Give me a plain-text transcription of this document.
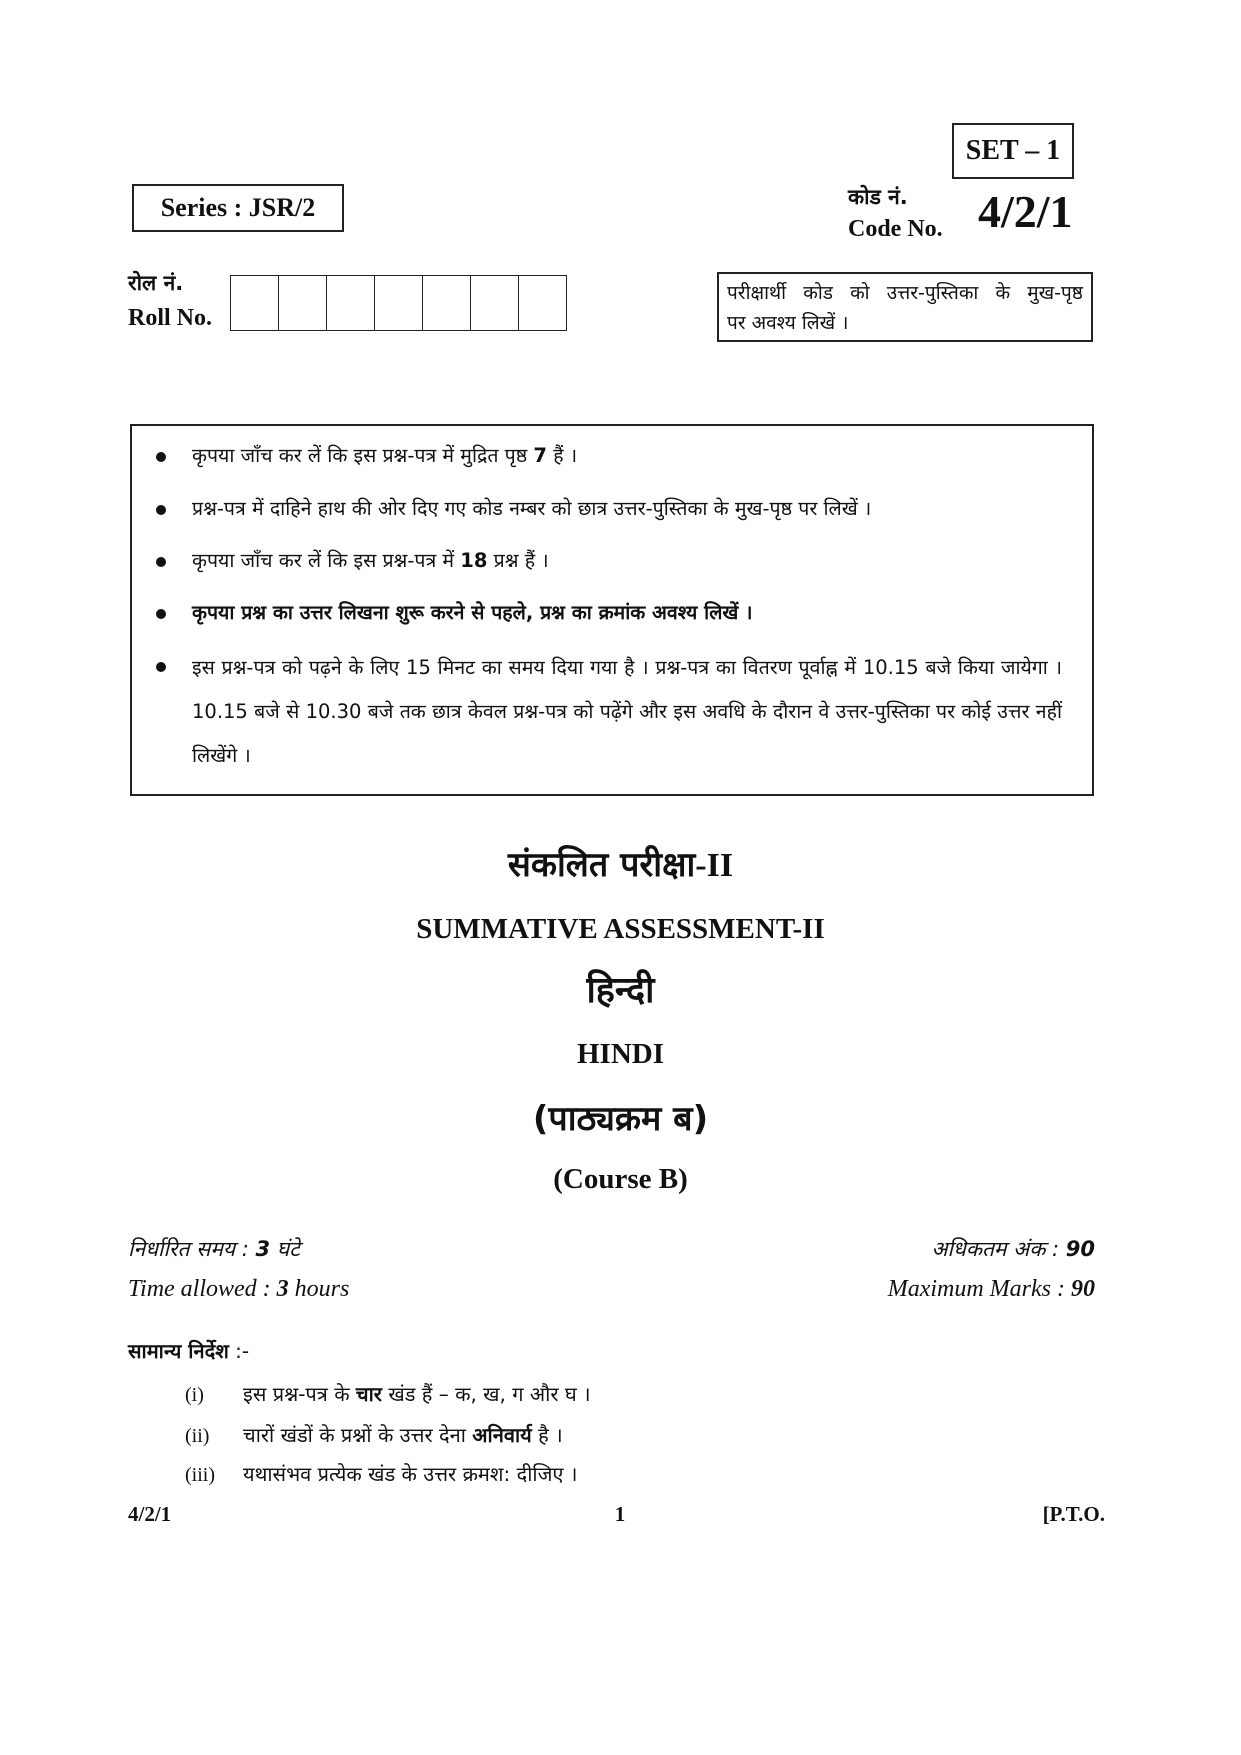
SET – 1
Series : JSR/2	कोड नं.
Code No. 4/2/1
रोल नं.
Roll No.
परीक्षार्थी कोड को उत्तर-पुस्तिका के मुख-पृष्ठ
पर अवश्य लिखें ।
कृपया जाँच कर लें कि इस प्रश्न-पत्र में मुद्रित पृष्ठ 7 हैं ।
प्रश्न-पत्र में दाहिने हाथ की ओर दिए गए कोड नम्बर को छात्र उत्तर-पुस्तिका के मुख-पृष्ठ पर लिखें ।
कृपया जाँच कर लें कि इस प्रश्न-पत्र में 18 प्रश्न हैं ।
कृपया प्रश्न का उत्तर लिखना शुरू करने से पहले, प्रश्न का क्रमांक अवश्य लिखें ।
इस प्रश्न-पत्र को पढ़ने के लिए 15 मिनट का समय दिया गया है । प्रश्न-पत्र का वितरण पूर्वाह्न में 10.15 बजे किया जायेगा । 10.15 बजे से 10.30 बजे तक छात्र केवल प्रश्न-पत्र को पढ़ेंगे और इस अवधि के दौरान वे उत्तर-पुस्तिका पर कोई उत्तर नहीं लिखेंगे ।
संकलित परीक्षा-II
SUMMATIVE ASSESSMENT-II
हिन्दी
HINDI
(पाठ्यक्रम ब)
(Course B)
निर्धारित समय : 3 घंटे
Time allowed : 3 hours
अधिकतम अंक : 90
Maximum Marks : 90
सामान्य निर्देश :-
(i) इस प्रश्न-पत्र के चार खंड हैं – क, ख, ग और घ ।
(ii) चारों खंडों के प्रश्नों के उत्तर देना अनिवार्य है ।
(iii) यथासंभव प्रत्येक खंड के उत्तर क्रमश: दीजिए ।
4/2/1	1	[P.T.O.
